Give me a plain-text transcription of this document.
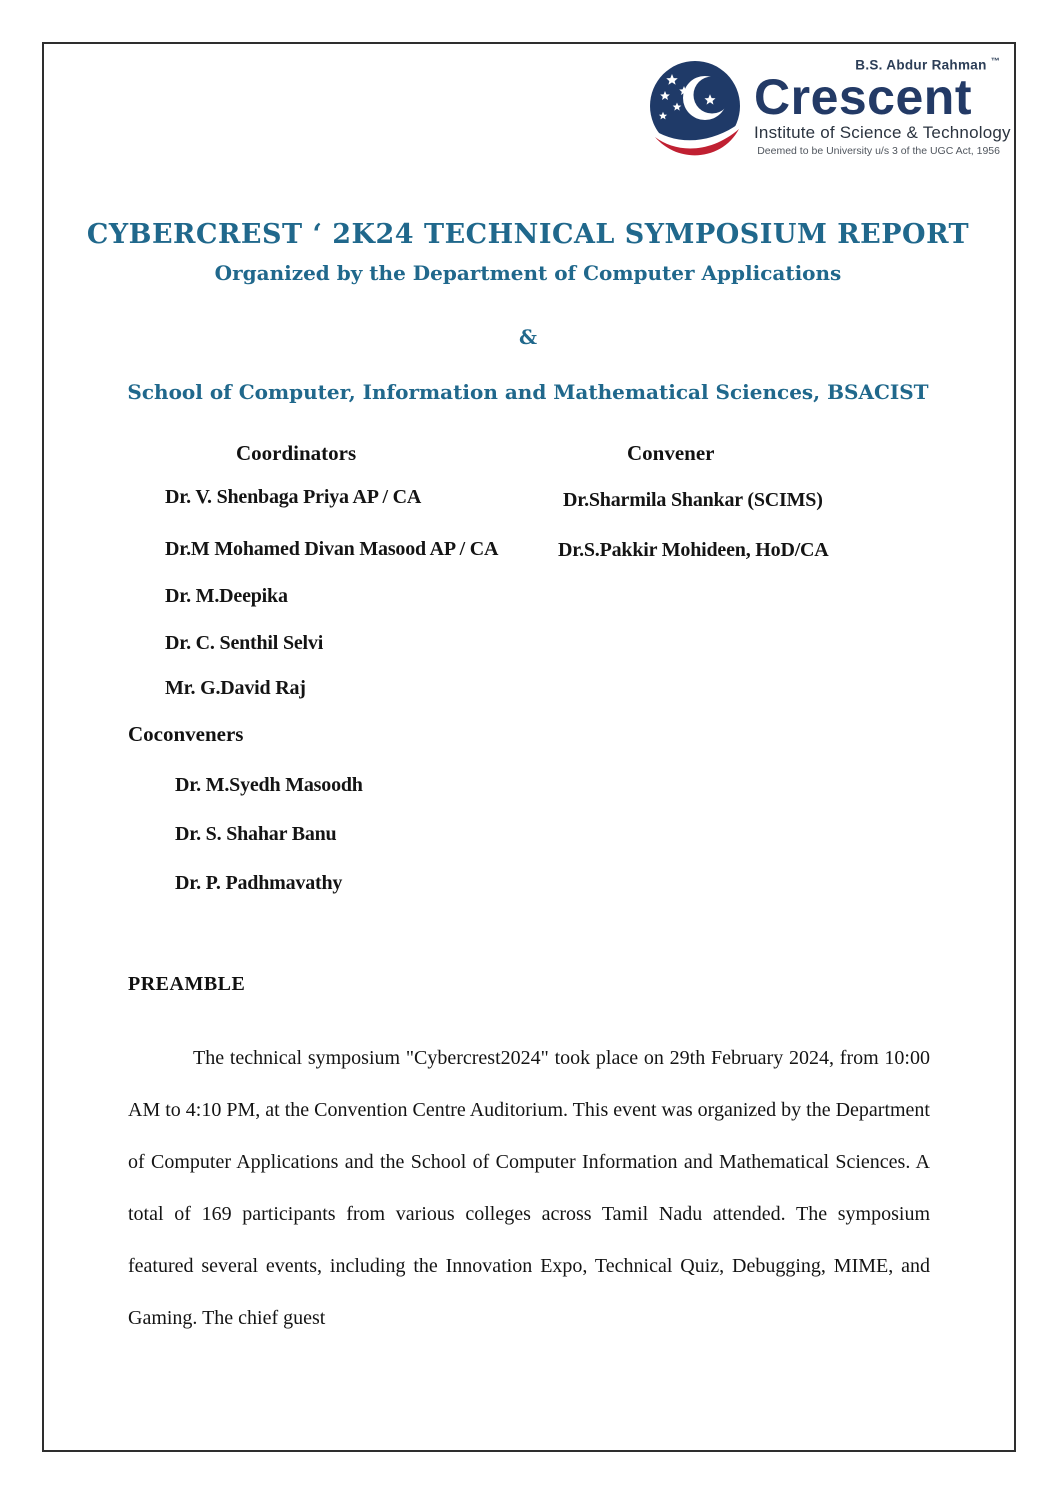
B.S. Abdur Rahman ™
Crescent
Institute of Science & Technology
Deemed to be University u/s 3 of the UGC Act, 1956
CYBERCREST ‘ 2K24 TECHNICAL SYMPOSIUM REPORT
Organized by the Department of Computer Applications
&
School of Computer, Information and Mathematical Sciences, BSACIST
Coordinators	Convener
Dr. V. Shenbaga Priya AP / CA
Dr.M Mohamed Divan Masood AP / CA
Dr. M.Deepika
Dr. C. Senthil Selvi
Mr. G.David Raj
Dr.Sharmila Shankar (SCIMS)
Dr.S.Pakkir Mohideen, HoD/CA
Coconveners
Dr. M.Syedh Masoodh
Dr. S. Shahar Banu
Dr. P. Padhmavathy
PREAMBLE
The technical symposium "Cybercrest2024" took place on 29th February 2024, from 10:00 AM to 4:10 PM, at the Convention Centre Auditorium. This event was organized by the Department of Computer Applications and the School of Computer Information and Mathematical Sciences. A total of 169 participants from various colleges across Tamil Nadu attended. The symposium featured several events, including the Innovation Expo, Technical Quiz, Debugging, MIME, and Gaming. The chief guest
